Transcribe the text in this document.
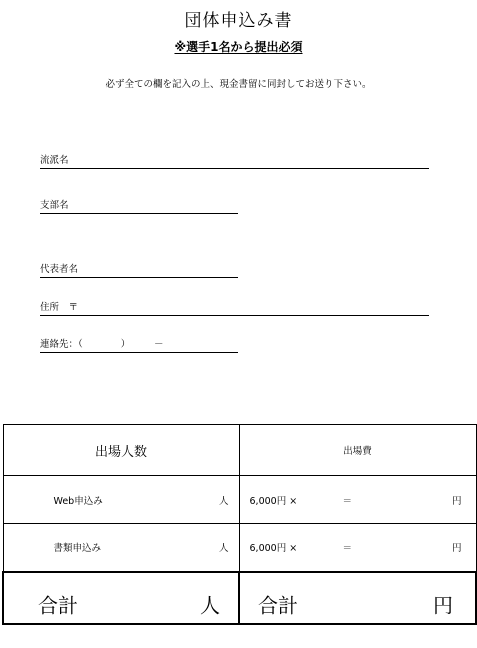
団体申込み書
※選手1名から提出必須
必ず全ての欄を記入の上、現金書留に同封してお送り下さい。
流派名
支部名
代表者名
住所　〒
連絡先：（　　　　）　　　－
出場人数	出場費

Web申込み 人	6,000円 × ＝ 円

書類申込み 人	6,000円 × ＝ 円

合計 人	合計 円
